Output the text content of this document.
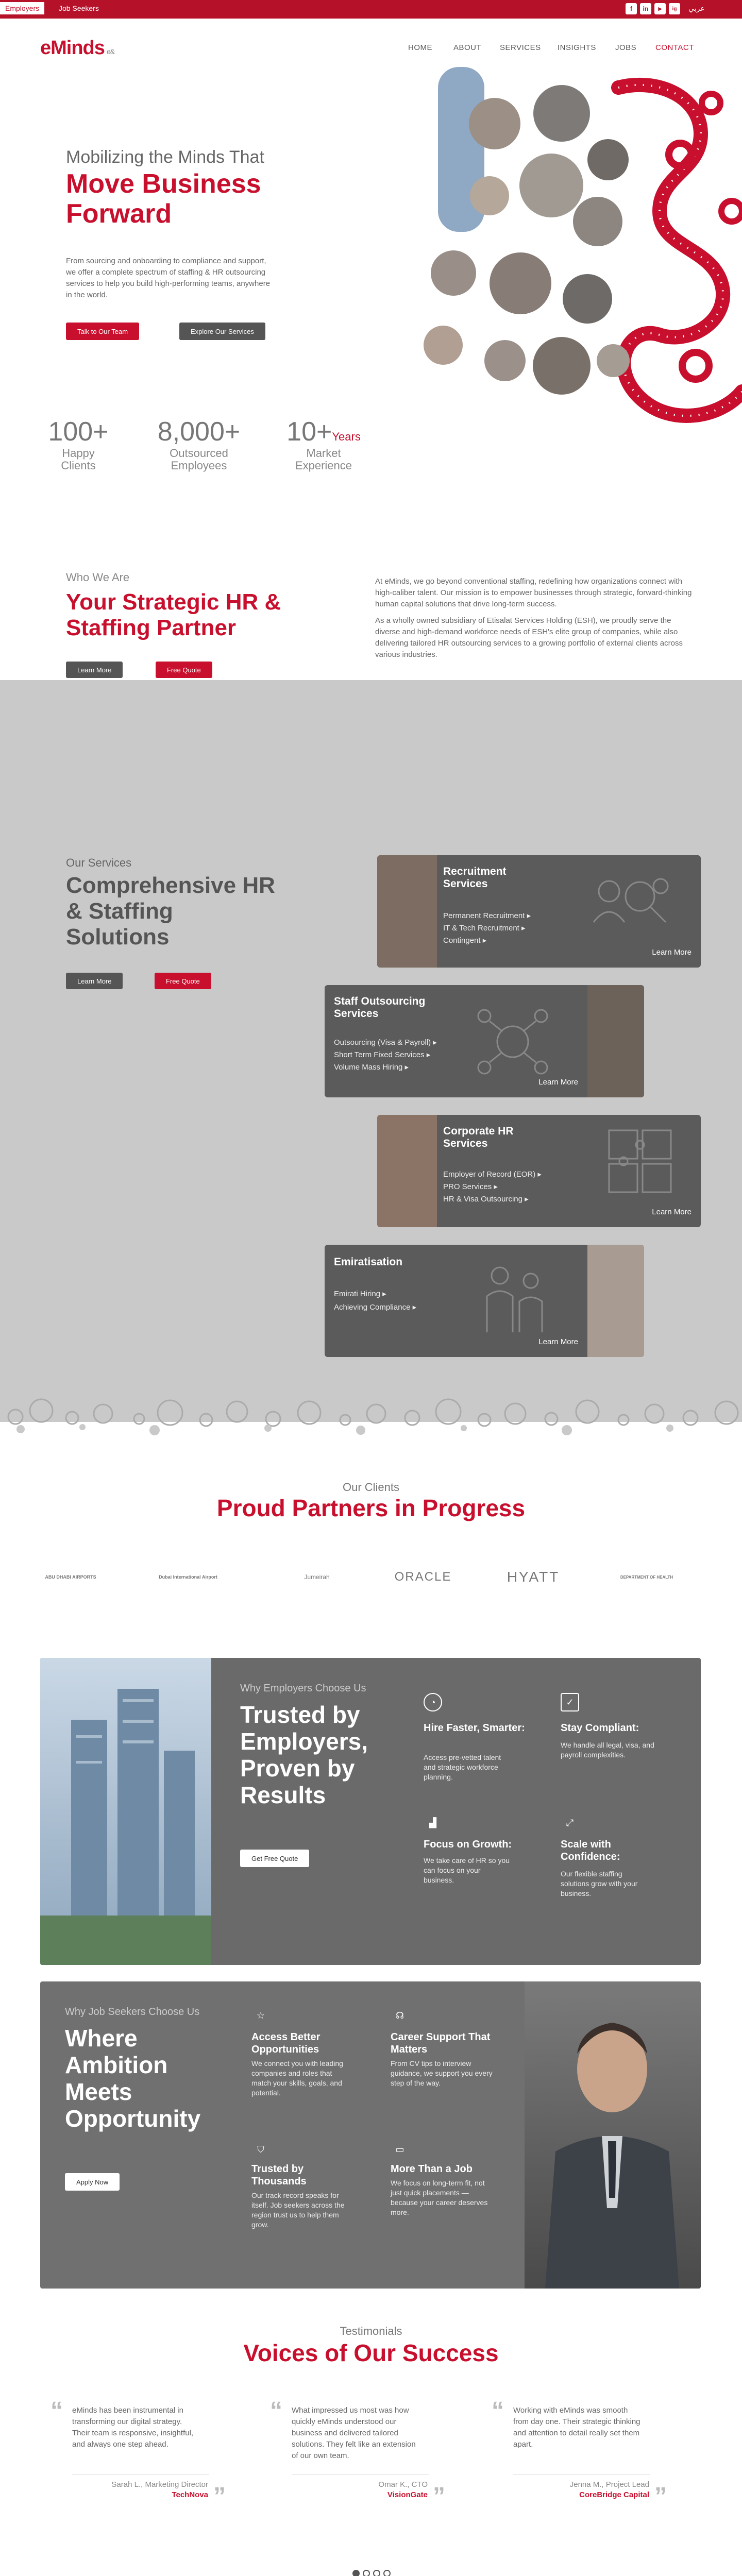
Employers	Job Seekers	f	in	▶	ig	عربي
eMinds e&	HOME	ABOUT SERVICES INSIGHTS JOBS CONTACT
Mobilizing the Minds That
Move Business
Forward
From sourcing and onboarding to compliance and support, we offer a complete spectrum of staffing & HR outsourcing services to help you build high-performing teams, anywhere in the world.
Talk to Our Team	Explore Our Services
100+
Happy
Clients
8,000+
Outsourced
Employees
10+Years
Market
Experience
Who We Are
Your Strategic HR & Staffing Partner

At eMinds, we go beyond conventional staffing, redefining how organizations connect with high-caliber talent. Our mission is to empower businesses through strategic, forward-thinking human capital solutions that drive long-term success.

As a wholly owned subsidiary of Etisalat Services Holding (ESH), we proudly serve the diverse and high-demand workforce needs of ESH's elite group of companies, while also delivering tailored HR outsourcing services to a growing portfolio of external clients across various industries.

Learn More	Free Quote
Our Services
Comprehensive HR & Staffing Solutions
Learn More	Free Quote
Recruitment Services
Permanent Recruitment ▸
IT & Tech Recruitment ▸
Contingent ▸
Learn More
Staff Outsourcing Services
Outsourcing (Visa & Payroll) ▸
Short Term Fixed Services ▸
Volume Mass Hiring ▸
Learn More
Corporate HR Services
Employer of Record (EOR) ▸
PRO Services ▸
HR & Visa Outsourcing ▸
Learn More
Emiratisation
Emirati Hiring ▸
Achieving Compliance ▸
Learn More
Our Clients
Proud Partners in Progress
ABU DHABI AIRPORTS	Dubai International Airport	Jumeirah	ORACLE	HYATT	DEPARTMENT OF HEALTH
Why Employers Choose Us
Trusted by Employers, Proven by Results
Get Free Quote
◔
Hire Faster, Smarter:
Access pre-vetted talent and strategic workforce planning.
✓
Stay Compliant:
We handle all legal, visa, and payroll complexities.
▟
Focus on Growth:
We take care of HR so you can focus on your business.
⤢
Scale with Confidence:
Our flexible staffing solutions grow with your business.
Why Job Seekers Choose Us
Where Ambition Meets Opportunity
Apply Now
☆
Access Better Opportunities
We connect you with leading companies and roles that match your skills, goals, and potential.
☊
Career Support That Matters
From CV tips to interview guidance, we support you every step of the way.
⛉
Trusted by Thousands
Our track record speaks for itself. Job seekers across the region trust us to help them grow.
▭
More Than a Job
We focus on long-term fit, not just quick placements — because your career deserves more.
Testimonials
Voices of Our Success
“ eMinds has been instrumental in transforming our digital strategy. Their team is responsive, insightful, and always one step ahead.
Sarah L., Marketing Director
TechNova ”
“ What impressed us most was how quickly eMinds understood our business and delivered tailored solutions. They felt like an extension of our own team.
Omar K., CTO
VisionGate ”
“ Working with eMinds was smooth from day one. Their strategic thinking and attention to detail really set them apart.
Jenna M., Project Lead
CoreBridge Capital ”
